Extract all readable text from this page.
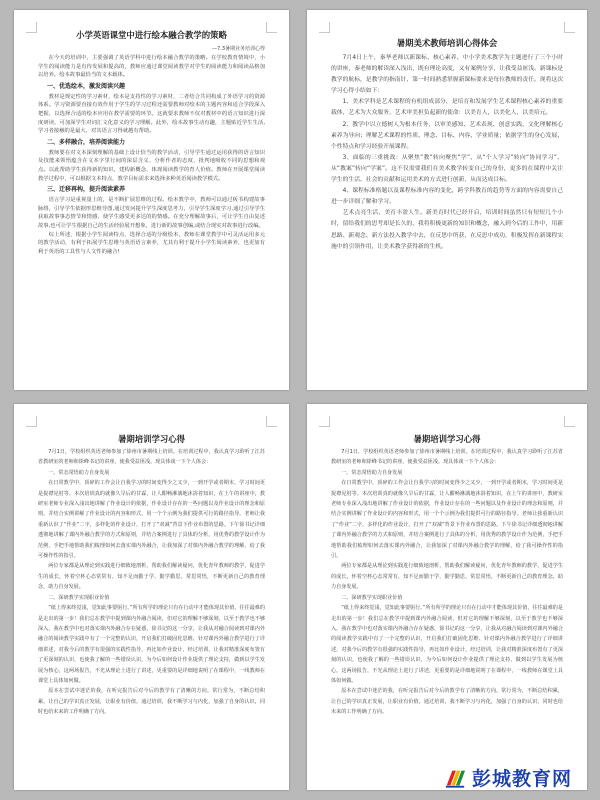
小学英语课堂中进行绘本融合教学的策略
—7.3暑期业务培训心得

在今天的培训中，主要强调了英语学科中进行绘本融合教学的策略。在学校教育情境中，小学生的阅读能力是有待发展和提高的，教师应通过课堂阅读教学对学生的阅读能力和阅读品格加以培养。绘本故事最恰当的文本载体。

一、优选绘本，激发阅读兴趣

教材是规定性的学习素材，绘本是支持性的学习素材，二者结合共同构成了外语学习的资源体系。学习资源要直接有效作用于学生的学习过程还需要教师对绘本的主题内容和适合学段深入把握，以选择合适的绘本应用在教学需要的环节。这就要求教师不仅对教材中的语言知识进行深度研读，可加深学生对词汇文化意义的学习理解。此外，绘本故事生动有趣，主题贴近学生生活,学习者接触的是最大、对其语言习得就越有帮助。

二、多样融合，培养阅读能力

教师要在对文本深刻理解的基础上设计恰当的教学活动，引导学生通过运用获得的语言知识及技能来领悟蕴含在文本字里行间的深层含义、分析作者的态度、批判地吸收不同的思想和观点。以此帮助学生获得新的知识，建构新概念、体现阅读教学的育人价值。教师在开展课堂阅读教学过程中，可以根据文本特点，教学目标需求来选择多种英语阅读教学模式。

三、迁移再构，提升阅读素养

语言学习是重视量上的，是不断扩展思维的过程。绘本教学中，教师可以通过板书构建故事脉络，引导学生依据形思维导图,通过发问提升学生深度思考力，引导学生深度学习,通过引导学生获取故事事态情节和情感，使学生感受更多达的的情感。在充分理解故事后，可让学生自由复述故事,也可让学生根据自己的生活经验展开想象，进行新的故事创编,或结合现实对故事进行改编。

综上所述，根据小学生阅读特点，选择合适的分级绘本，教师在课堂教学中可灵活运用多元的教学活动，有利于拓展学生思维与英语语言素养，尤其有利于提升小学生阅读素养，也更加有利于英语的工具性与人文性的融合!

暑期美术教师培训心得体会

7月4日上午，秦华老师以新课标、核心素养、中小学美术教学为主题进行了三个小时的讲座，秦老师的解读深入浅出，既有理论高度，又有案例分享，让我受益匪浅。新课标是教学的航标，是教学的指南针，第一时间熟悉掌握新课标要求是每位教师的责任。现将这次学习心得小结如下：

1、美术学科是艺术课程的有机组成部分，是培育和发展学生艺术课程核心素养的重要载体，艺术为大众服务，艺术审美担负起新的使命：以美育人，以美化人，以美培元。

2、教学中以立德树人为根本任务，以审美感知、艺术表现、创意实践、文化理解核心素养为导向；理解艺术课程的性质、理念、目标、内容、学业质量；依据学生的身心发展、个性特点和学习经验开展课程。

3、面临的三重挑战：从聚焦“教”转向聚焦“学”、从“个人学习”转向“协同学习”、从“教案”转向“学案”。这不仅需要我们在美术教学转变自己的身份，更多的在课程中关注学生的生活、社会的贡献和运用美术的方式进行创新，从而达成目标。

4、课程标准格题以及课程标准内容的变化，跨学科教育的趋势等方面的内容需要自己进一步详细了解和学习。

艺术点亮生活，美育丰盈人生。新美育时代已经开启，培训时间虽然只有短短几个小时，留给我们的思考却是长久的，我将积极更新的知识和概念，融入到今后的工作中，用新思路、新观念、新方法投入教学中去，在反思中所获，在反思中成功，积极发挥在新课程实施中的引领作用，让美术教学获得新的生机。

暑期培训学习心得

7月1日，学校组织英语老师参加了徐州市暑期线上培训。在培训过程中，我认真学习聆听了江苏省教研室的老师和徐峰书记的讲座，使我受益匪浅。现具体谈一下个人体会：

一、常态常悟助力自身发展

在日常教学中，顶碎的工作会让自我学习的时间变得少之又少，一到开学或者期末，学习时间更是捉襟见肘等。本次培训真的就像久旱后的甘霖，让人酣畅淋漓地沐浴着知识，在上午的讲座中，教研室老师专业深入浅出地讲解了作业设计的依据，作业设计存在的一些问题以及作业设计的理念和原则，并结合实例讲解了作业设计的内容和形式，用一个个示例为我们提供可行的路径指导。老师让我重新认识了“作业”二字，多样化的作业设计，打开了“双减”背景下作业布置的思路。下午徐书记详细透彻地讲解了课内外融合教学的方式和原则，并结合案例进行了具体的分析，用优秀的教学设计作为范例，手把手地帮助我们梳理如何去落实课内外融合，让我加深了对课内外融合教学的理解，给了我可操作性的指引。

两位专家都是从理论到实践进行细致地剖析，帮助我们解读疑问，优化青年教师的教学，促进学生的成长，怀着空杯心态常常有，知不足而勤于学，勤学勤思，常思常悟，不断更新自己的教育理念，助力自身发展。

二、深研教学实现职业价值

“纸上得来终觉浅，觉知此事要躬行。”所有所学的理论只有在行动中才能体现其价值，往往最难的是走出的第一步！我们总在教学中提到课内外融合阅读，但对它的理解不够深刻，以至于教学也不够深入，我在教学中也对落实课内外融合存在疑惑，徐书记的这一分享，让我从对融合阅读到对课内外融合的阅读教学实践中有了一个完整的认识，开启我们打破固化思维、针对课内外融合教学进行了详细讲述，对我今后的教学有很强的实践性指导，再比如作业设计，经过培训，让我对精准深度布置有了更深刻的认识，也使我了解的一些错误认识，为今后如何设计作业提供了理论支持，做到以学生发展为核心，这两场报告，不光从理论上进行了讲述，更重要的是详细地说明了在课程中，一线教师在课堂上具体如何做。

原本在尝试中迷茫的我，在听完报告后对今后的教学有了清晰的方向。常行常为，不断总结积累，让自己的学识真正发展，让职业有价值。通过培训，我不断学习与内化，加强了自身的认识，同时也给未来的工作明确了方向。

暑期培训学习心得

7月1日，学校组织英语老师参加了徐州市暑期线上培训。在培训过程中，我认真学习聆听了江苏省教研室的老师和徐峰书记的讲座，使我受益匪浅。现具体谈一下个人体会：

一、常态常悟助力自身发展

在日常教学中，顶碎的工作会让自我学习的时间变得少之又少，一到开学或者期末，学习时间更是捉襟见肘等。本次培训真的就像久旱后的甘霖，让人酣畅淋漓地沐浴着知识，在上午的讲座中，教研室老师专业深入浅出地讲解了作业设计的依据，作业设计存在的一些问题以及作业设计的理念和原则，并结合实例讲解了作业设计的内容和形式，用一个个示例为我们提供可行的路径指导。老师让我重新认识了“作业”二字，多样化的作业设计，打开了“双减”背景下作业布置的思路。下午徐书记详细透彻地讲解了课内外融合教学的方式和原则，并结合案例进行了具体的分析，用优秀的教学设计作为范例，手把手地帮助我们梳理如何去落实课内外融合，让我加深了对课内外融合教学的理解，给了我可操作性的指引。

两位专家都是从理论到实践进行细致地剖析，帮助我们解读疑问，优化青年教师的教学，促进学生的成长，怀着空杯心态常常有，知不足而勤于学，勤学勤思，常思常悟，不断更新自己的教育理念，助力自身发展。

二、深研教学实现职业价值

“纸上得来终觉浅，觉知此事要躬行。”所有所学的理论只有在行动中才能体现其价值，往往最难的是走出的第一步！我们总在教学中提到课内外融合阅读，但对它的理解不够深刻，以至于教学也不够深入，我在教学中也对落实课内外融合存在疑惑，徐书记的这一分享，让我从对融合阅读到对课内外融合的阅读教学实践中有了一个完整的认识，开启我们打破固化思维、针对课内外融合教学进行了详细讲述，对我今后的教学有很强的实践性指导，再比如作业设计，经过培训，让我对精准深度布置有了更深刻的认识，也使我了解的一些错误认识，为今后如何设计作业提供了理论支持，做到以学生发展为核心，这两场报告，不光从理论上进行了讲述，更重要的是详细地说明了在课程中，一线教师在课堂上具体如何做。

原本在尝试中迷茫的我，在听完报告后对今后的教学有了清晰的方向。常行常为，不断总结积累，让自己的学识真正发展，让职业有价值。通过培训，我不断学习与内化，加强了自身的认识，同时也给未来的工作明确了方向。

彭城教育网
